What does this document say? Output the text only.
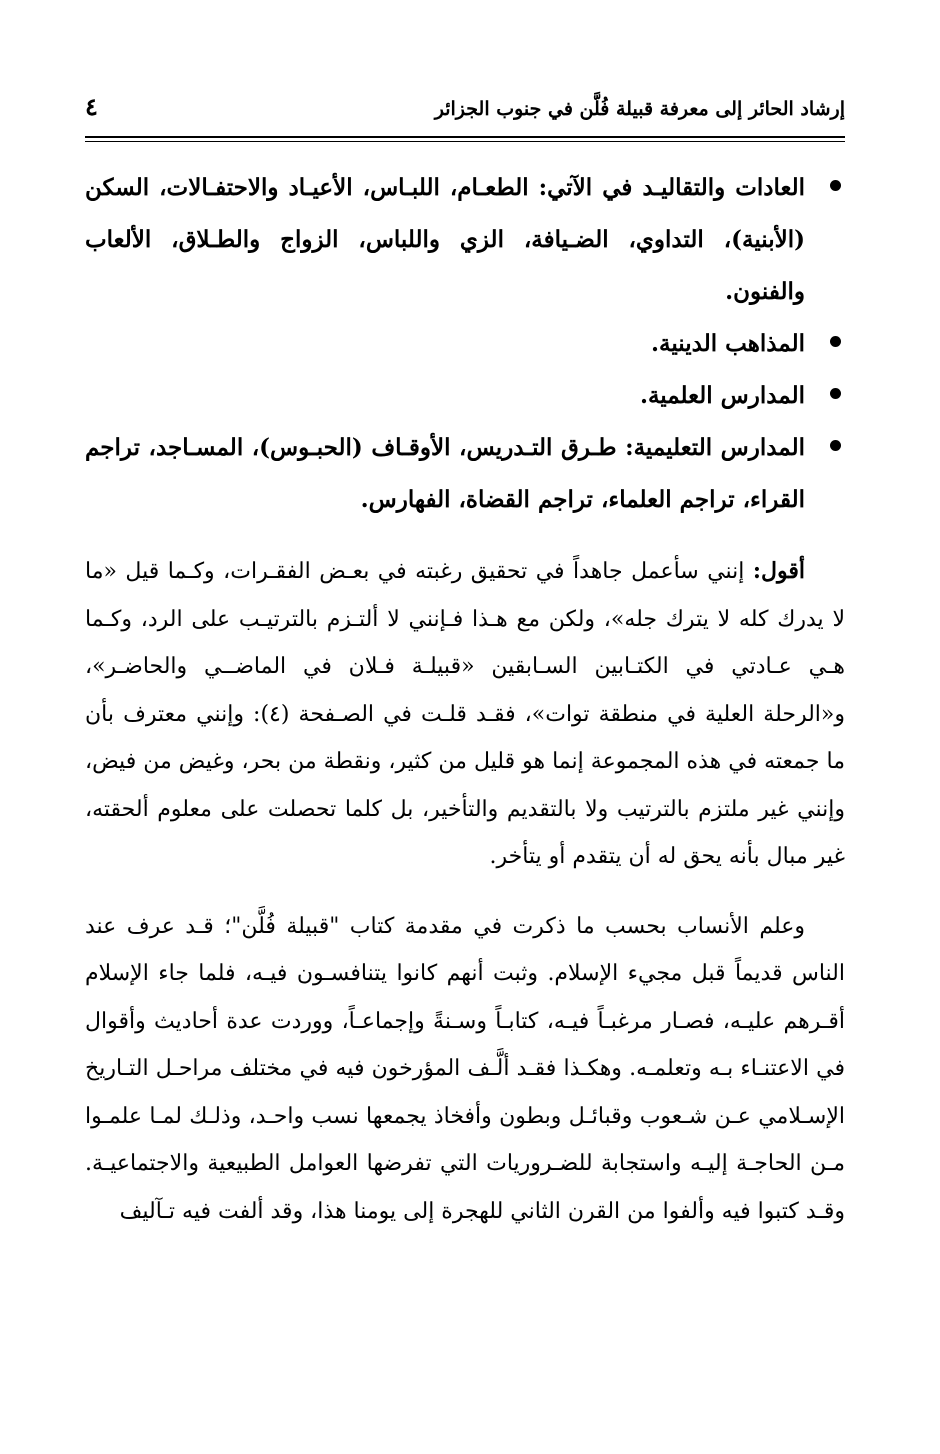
إرشاد الحائر إلى معرفة قبيلة فُلَّن في جنوب الجزائر
٤
العادات والتقاليـد في الآتي: الطعـام، اللبـاس، الأعيـاد والاحتفـالات، السكن (الأبنية)، التداوي، الضـيافة، الزي واللباس، الزواج والطـلاق، الألعاب والفنون.
المذاهب الدينية.
المدارس العلمية.
المدارس التعليمية: طـرق التـدريس، الأوقـاف (الحبـوس)، المسـاجد، تراجم القراء، تراجم العلماء، تراجم القضاة، الفهارس.

أقول: إنني سأعمل جاهداً في تحقيق رغبته في بعـض الفقـرات، وكـما قيل «ما لا يدرك كله لا يترك جله»، ولكن مع هـذا فـإنني لا ألتـزم بالترتيـب على الرد، وكـما هـي عـادتي في الكتـابين السـابقين «قبيلـة فـلان في الماضــي والحاضـر»، و«الرحلة العلية في منطقة توات»، فقـد قلـت في الصـفحة (٤): وإنني معترف بأن ما جمعته في هذه المجموعة إنما هو قليل من كثير، ونقطة من بحر، وغيض من فيض، وإنني غير ملتزم بالترتيب ولا بالتقديم والتأخير، بل كلما تحصلت على معلوم ألحقته، غير مبال بأنه يحق له أن يتقدم أو يتأخر.

وعلم الأنساب بحسب ما ذكرت في مقدمة كتاب "قبيلة فُلَّن"؛ قـد عرف عند الناس قديماً قبل مجيء الإسلام. وثبت أنهم كانوا يتنافسـون فيـه، فلما جاء الإسلام أقـرهم عليـه، فصـار مرغبـاً فيـه، كتابـاً وسـنةً وإجماعـاً، ووردت عدة أحاديث وأقوال في الاعتنـاء بـه وتعلمـه. وهكـذا فقـد ألَّـف المؤرخون فيه في مختلف مراحـل التـاريخ الإسـلامي عـن شـعوب وقبائـل وبطون وأفخاذ يجمعها نسب واحـد، وذلـك لمـا علمـوا مـن الحاجـة إليـه واستجابة للضـروريات التي تفرضها العوامل الطبيعية والاجتماعيـة. وقـد كتبوا فيه وألفوا من القرن الثاني للهجرة إلى يومنا هذا، وقد ألفت فيه تـآليف
